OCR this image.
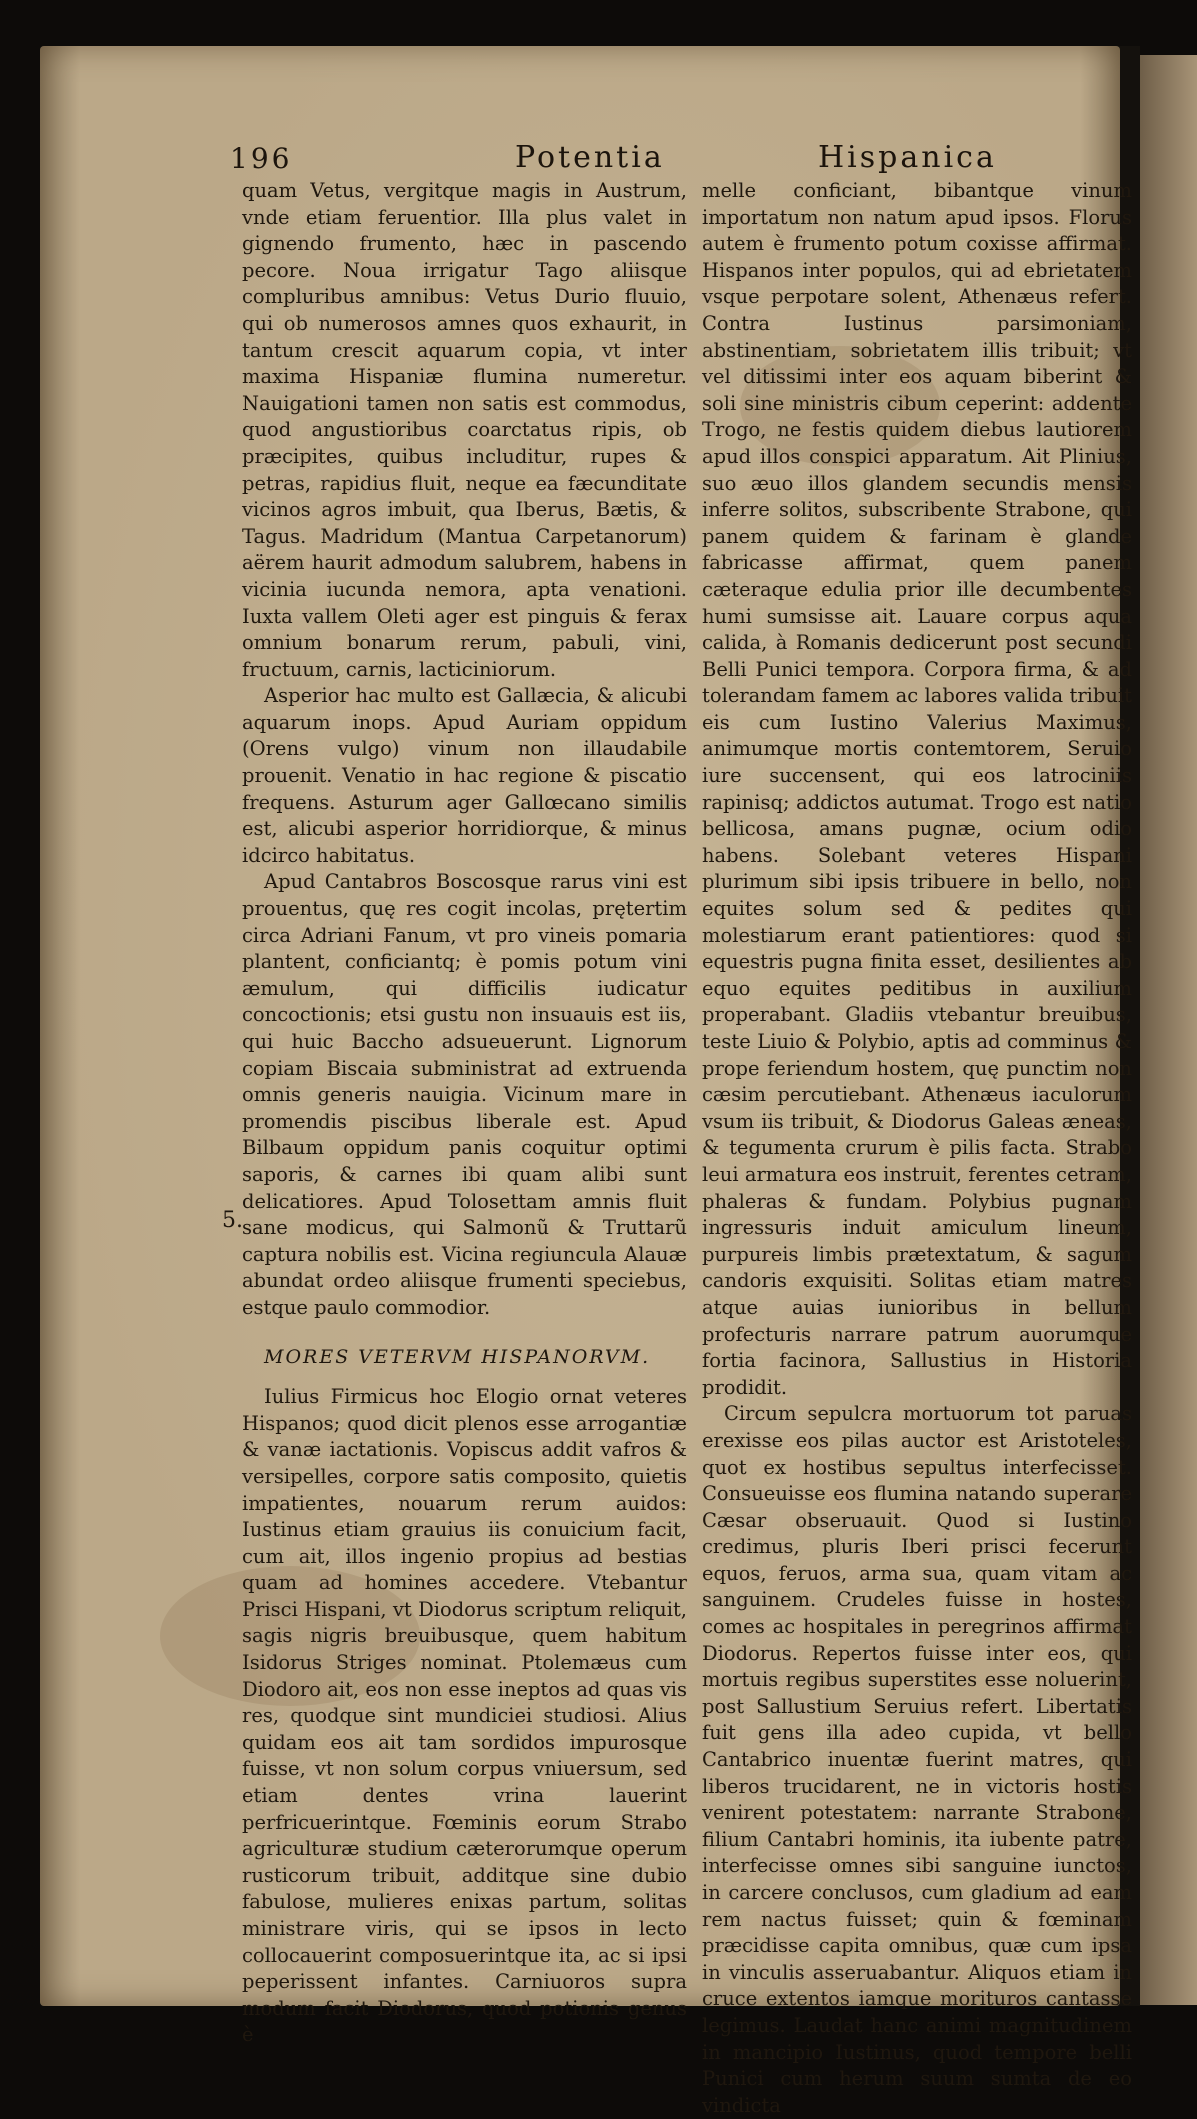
196	Potentia	Hispanica

quam Vetus, vergitque magis in Austrum, vnde etiam feruentior. Illa plus valet in gignendo frumento, hæc in pascendo pecore. Noua irrigatur Tago aliisque compluribus amnibus: Vetus Durio fluuio, qui ob numerosos amnes quos exhaurit, in tantum crescit aquarum copia, vt inter maxima Hispaniæ flumina numeretur. Nauigationi tamen non satis est commodus, quod angustioribus coarctatus ripis, ob præcipites, quibus includitur, rupes & petras, rapidius fluit, neque ea fæcunditate vicinos agros imbuit, qua Iberus, Bætis, & Tagus. Madridum (Mantua Carpetanorum) aërem haurit admodum salubrem, habens in vicinia iucunda nemora, apta venationi. Iuxta vallem Oleti ager est pinguis & ferax omnium bonarum rerum, pabuli, vini, fructuum, carnis, lacticiniorum.

Asperior hac multo est Gallæcia, & alicubi aquarum inops. Apud Auriam oppidum (Orens vulgo) vinum non illaudabile prouenit. Venatio in hac regione & piscatio frequens. Asturum ager Gallœcano similis est, alicubi asperior horridiorque, & minus idcirco habitatus.

Apud Cantabros Boscosque rarus vini est prouentus, quę res cogit incolas, prętertim circa Adriani Fanum, vt pro vineis pomaria plantent, conficiantq; è pomis potum vini æmulum, qui difficilis iudicatur concoctionis; etsi gustu non insuauis est iis, qui huic Baccho adsueuerunt. Lignorum copiam Biscaia subministrat ad extruenda omnis generis nauigia. Vicinum mare in promendis piscibus liberale est. Apud Bilbaum oppidum panis coquitur optimi saporis, & carnes ibi quam alibi sunt delicatiores. Apud Tolosettam amnis fluit sane modicus, qui Salmonũ & Truttarũ captura nobilis est. Vicina regiuncula Alauæ abundat ordeo aliisque frumenti speciebus, estque paulo commodior.

MORES VETERVM HISPANORVM.

Iulius Firmicus hoc Elogio ornat veteres Hispanos; quod dicit plenos esse arrogantiæ & vanæ iactationis. Vopiscus addit vafros & versipelles, corpore satis composito, quietis impatientes, nouarum rerum auidos: Iustinus etiam grauius iis conuicium facit, cum ait, illos ingenio propius ad bestias quam ad homines accedere. Vtebantur Prisci Hispani, vt Diodorus scriptum reliquit, sagis nigris breuibusque, quem habitum Isidorus Striges nominat. Ptolemæus cum Diodoro ait, eos non esse ineptos ad quas vis res, quodque sint mundiciei studiosi. Alius quidam eos ait tam sordidos impurosque fuisse, vt non solum corpus vniuersum, sed etiam dentes vrina lauerint perfricuerintque. Fœminis eorum Strabo agriculturæ studium cæterorumque operum rusticorum tribuit, additque sine dubio fabulose, mulieres enixas partum, solitas ministrare viris, qui se ipsos in lecto collocauerint composuerintque ita, ac si ipsi peperissent infantes. Carniuoros supra modum facit Diodorus, quod potionis genus è

5.

melle conficiant, bibantque vinum importatum non natum apud ipsos. Florus autem è frumento potum coxisse affirmat. Hispanos inter populos, qui ad ebrietatem vsque perpotare solent, Athenæus refert. Contra Iustinus parsimoniam, abstinentiam, sobrietatem illis tribuit; vt vel ditissimi inter eos aquam biberint & soli sine ministris cibum ceperint: addente Trogo, ne festis quidem diebus lautiorem apud illos conspici apparatum. Ait Plinius, suo æuo illos glandem secundis mensis inferre solitos, subscribente Strabone, qui panem quidem & farinam è glande fabricasse affirmat, quem panem cæteraque edulia prior ille decumbentes humi sumsisse ait. Lauare corpus aqua calida, à Romanis dedicerunt post secundi Belli Punici tempora. Corpora firma, & ad tolerandam famem ac labores valida tribuit eis cum Iustino Valerius Maximus, animumque mortis contemtorem, Seruio iure succensent, qui eos latrociniis rapinisq; addictos autumat. Trogo est natio bellicosa, amans pugnæ, ocium odio habens. Solebant veteres Hispani plurimum sibi ipsis tribuere in bello, non equites solum sed & pedites qui molestiarum erant patientiores: quod si equestris pugna finita esset, desilientes ab equo equites peditibus in auxilium properabant. Gladiis vtebantur breuibus, teste Liuio & Polybio, aptis ad comminus & prope feriendum hostem, quę punctim non cæsim percutiebant. Athenæus iaculorum vsum iis tribuit, & Diodorus Galeas æneas, & tegumenta crurum è pilis facta. Strabo leui armatura eos instruit, ferentes cetram, phaleras & fundam. Polybius pugnam ingressuris induit amiculum lineum, purpureis limbis prætextatum, & sagum candoris exquisiti. Solitas etiam matres atque auias iunioribus in bellum profecturis narrare patrum auorumque fortia facinora, Sallustius in Historia prodidit.

Circum sepulcra mortuorum tot paruas erexisse eos pilas auctor est Aristoteles, quot ex hostibus sepultus interfecisset. Consueuisse eos flumina natando superare Cæsar obseruauit. Quod si Iustino credimus, pluris Iberi prisci fecerunt equos, feruos, arma sua, quam vitam ac sanguinem. Crudeles fuisse in hostes, comes ac hospitales in peregrinos affirmat Diodorus. Repertos fuisse inter eos, qui mortuis regibus superstites esse noluerint, post Sallustium Seruius refert. Libertatis fuit gens illa adeo cupida, vt bello Cantabrico inuentæ fuerint matres, qui liberos trucidarent, ne in victoris hostis venirent potestatem: narrante Strabone, filium Cantabri hominis, ita iubente patre, interfecisse omnes sibi sanguine iunctos, in carcere conclusos, cum gladium ad eam rem nactus fuisset; quin & fœminam præcidisse capita omnibus, quæ cum ipsa in vinculis asseruabantur. Aliquos etiam in cruce extentos iamque morituros cantasse legimus. Laudat hanc animi magnitudinem in mancipio Iustinus, quod tempore belli Punici cum herum suum sumta de eo vindicta
